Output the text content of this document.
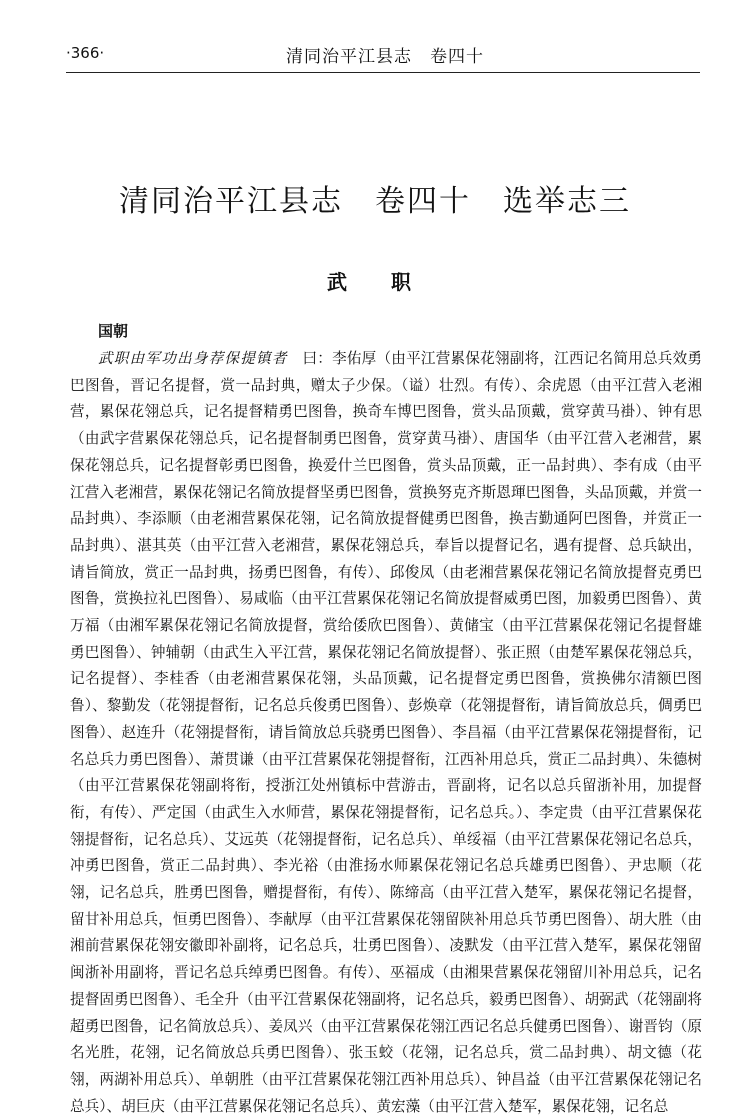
·366·	清同治平江县志　卷四十
清同治平江县志　卷四十　选举志三
武　职
国朝
武职由军功出身荐保提镇者　曰：李佑厚（由平江营累保花翎副将，江西记名简用总兵效勇巴图鲁，晋记名提督，赏一品封典，赠太子少保。（谥）壮烈。有传）、余虎恩（由平江营入老湘营，累保花翎总兵，记名提督精勇巴图鲁，换奇车博巴图鲁，赏头品顶戴，赏穿黄马褂）、钟有思（由武字营累保花翎总兵，记名提督制勇巴图鲁，赏穿黄马褂）、唐国华（由平江营入老湘营，累保花翎总兵，记名提督彰勇巴图鲁，换爱什兰巴图鲁，赏头品顶戴，正一品封典）、李有成（由平江营入老湘营，累保花翎记名简放提督坚勇巴图鲁，赏换努克齐斯恩琿巴图鲁，头品顶戴，并赏一品封典）、李添顺（由老湘营累保花翎，记名简放提督健勇巴图鲁，换吉勤通阿巴图鲁，并赏正一品封典）、湛其英（由平江营入老湘营，累保花翎总兵，奉旨以提督记名，遇有提督、总兵缺出，请旨简放，赏正一品封典，扬勇巴图鲁，有传）、邱俊凤（由老湘营累保花翎记名简放提督克勇巴图鲁，赏换拉礼巴图鲁）、易咸临（由平江营累保花翎记名简放提督威勇巴图，加毅勇巴图鲁）、黄万福（由湘军累保花翎记名简放提督，赏给倭欣巴图鲁）、黄储宝（由平江营累保花翎记名提督雄勇巴图鲁）、钟辅朝（由武生入平江营，累保花翎记名简放提督）、张正照（由楚军累保花翎总兵，记名提督）、李桂香（由老湘营累保花翎，头品顶戴，记名提督定勇巴图鲁，赏换佛尔清额巴图鲁）、黎勤发（花翎提督衔，记名总兵俊勇巴图鲁）、彭焕章（花翎提督衔，请旨简放总兵，倜勇巴图鲁）、赵连升（花翎提督衔，请旨简放总兵骁勇巴图鲁）、李昌福（由平江营累保花翎提督衔，记名总兵力勇巴图鲁）、萧贯谦（由平江营累保花翎提督衔，江西补用总兵，赏正二品封典）、朱德树（由平江营累保花翎副将衔，授浙江处州镇标中营游击，晋副将，记名以总兵留浙补用，加提督衔，有传）、严定国（由武生入水师营，累保花翎提督衔，记名总兵。）、李定贵（由平江营累保花翎提督衔，记名总兵）、艾远英（花翎提督衔，记名总兵）、单绥福（由平江营累保花翎记名总兵，冲勇巴图鲁，赏正二品封典）、李光裕（由淮扬水师累保花翎记名总兵雄勇巴图鲁）、尹忠顺（花翎，记名总兵，胜勇巴图鲁，赠提督衔，有传）、陈缔高（由平江营入楚军，累保花翎记名提督，留甘补用总兵，恒勇巴图鲁）、李献厚（由平江营累保花翎留陕补用总兵节勇巴图鲁）、胡大胜（由湘前营累保花翎安徽即补副将，记名总兵，壮勇巴图鲁）、凌默发（由平江营入楚军，累保花翎留闽浙补用副将，晋记名总兵绰勇巴图鲁。有传）、巫福成（由湘果营累保花翎留川补用总兵，记名提督固勇巴图鲁）、毛全升（由平江营累保花翎副将，记名总兵，毅勇巴图鲁）、胡弼武（花翎副将超勇巴图鲁，记名简放总兵）、姜凤兴（由平江营累保花翎江西记名总兵健勇巴图鲁）、谢晋钧（原名光胜，花翎，记名简放总兵勇巴图鲁）、张玉蛟（花翎，记名总兵，赏二品封典）、胡文德（花翎，两湖补用总兵）、单朝胜（由平江营累保花翎江西补用总兵）、钟昌益（由平江营累保花翎记名总兵）、胡巨庆（由平江营累保花翎记名总兵）、黄宏藻（由平江营入楚军，累保花翎，记名总
